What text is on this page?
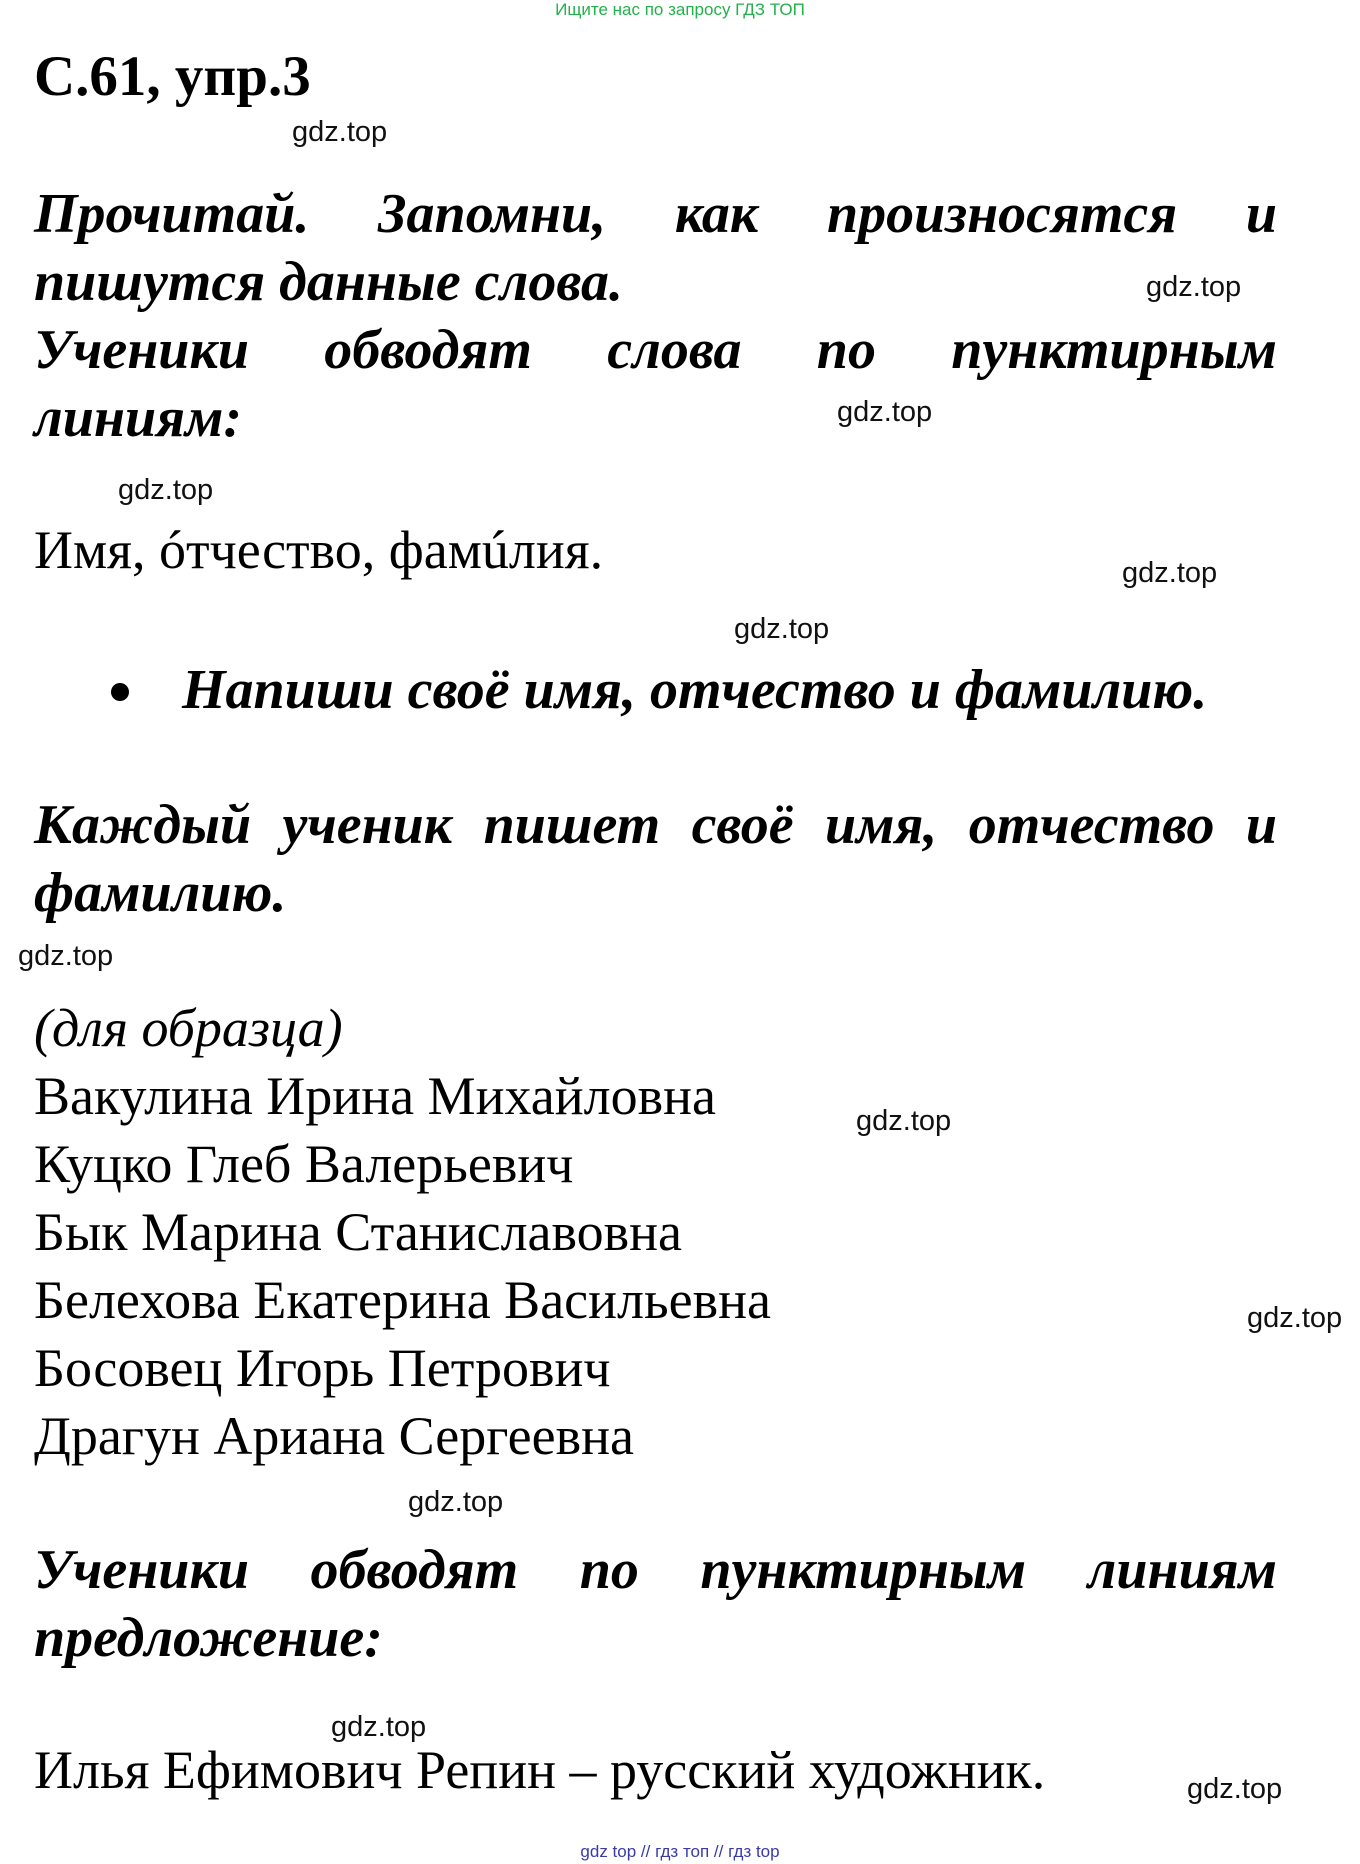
Ищите нас по запросу ГДЗ ТОП
С.61, упр.3
gdz.top
gdz.top
gdz.top
gdz.top
gdz.top
gdz.top
gdz.top
gdz.top
gdz.top
gdz.top
gdz.top
gdz.top
Прочитай. Запомни, как произносятся и
пишутся данные слова.
Ученики обводят слова по пунктирным
линиям:
Имя, óтчество, фамúлия.
Напиши своё имя, отчество и фамилию.
Каждый ученик пишет своё имя, отчество и
фамилию.
(для образца)
Вакулина Ирина Михайловна
Куцко Глеб Валерьевич
Бык Марина Станиславовна
Белехова Екатерина Васильевна
Босовец Игорь Петрович
Драгун Ариана Сергеевна
Ученики обводят по пунктирным линиям
предложение:
Илья Ефимович Репин – русский художник.
gdz top // гдз топ // гдз top
